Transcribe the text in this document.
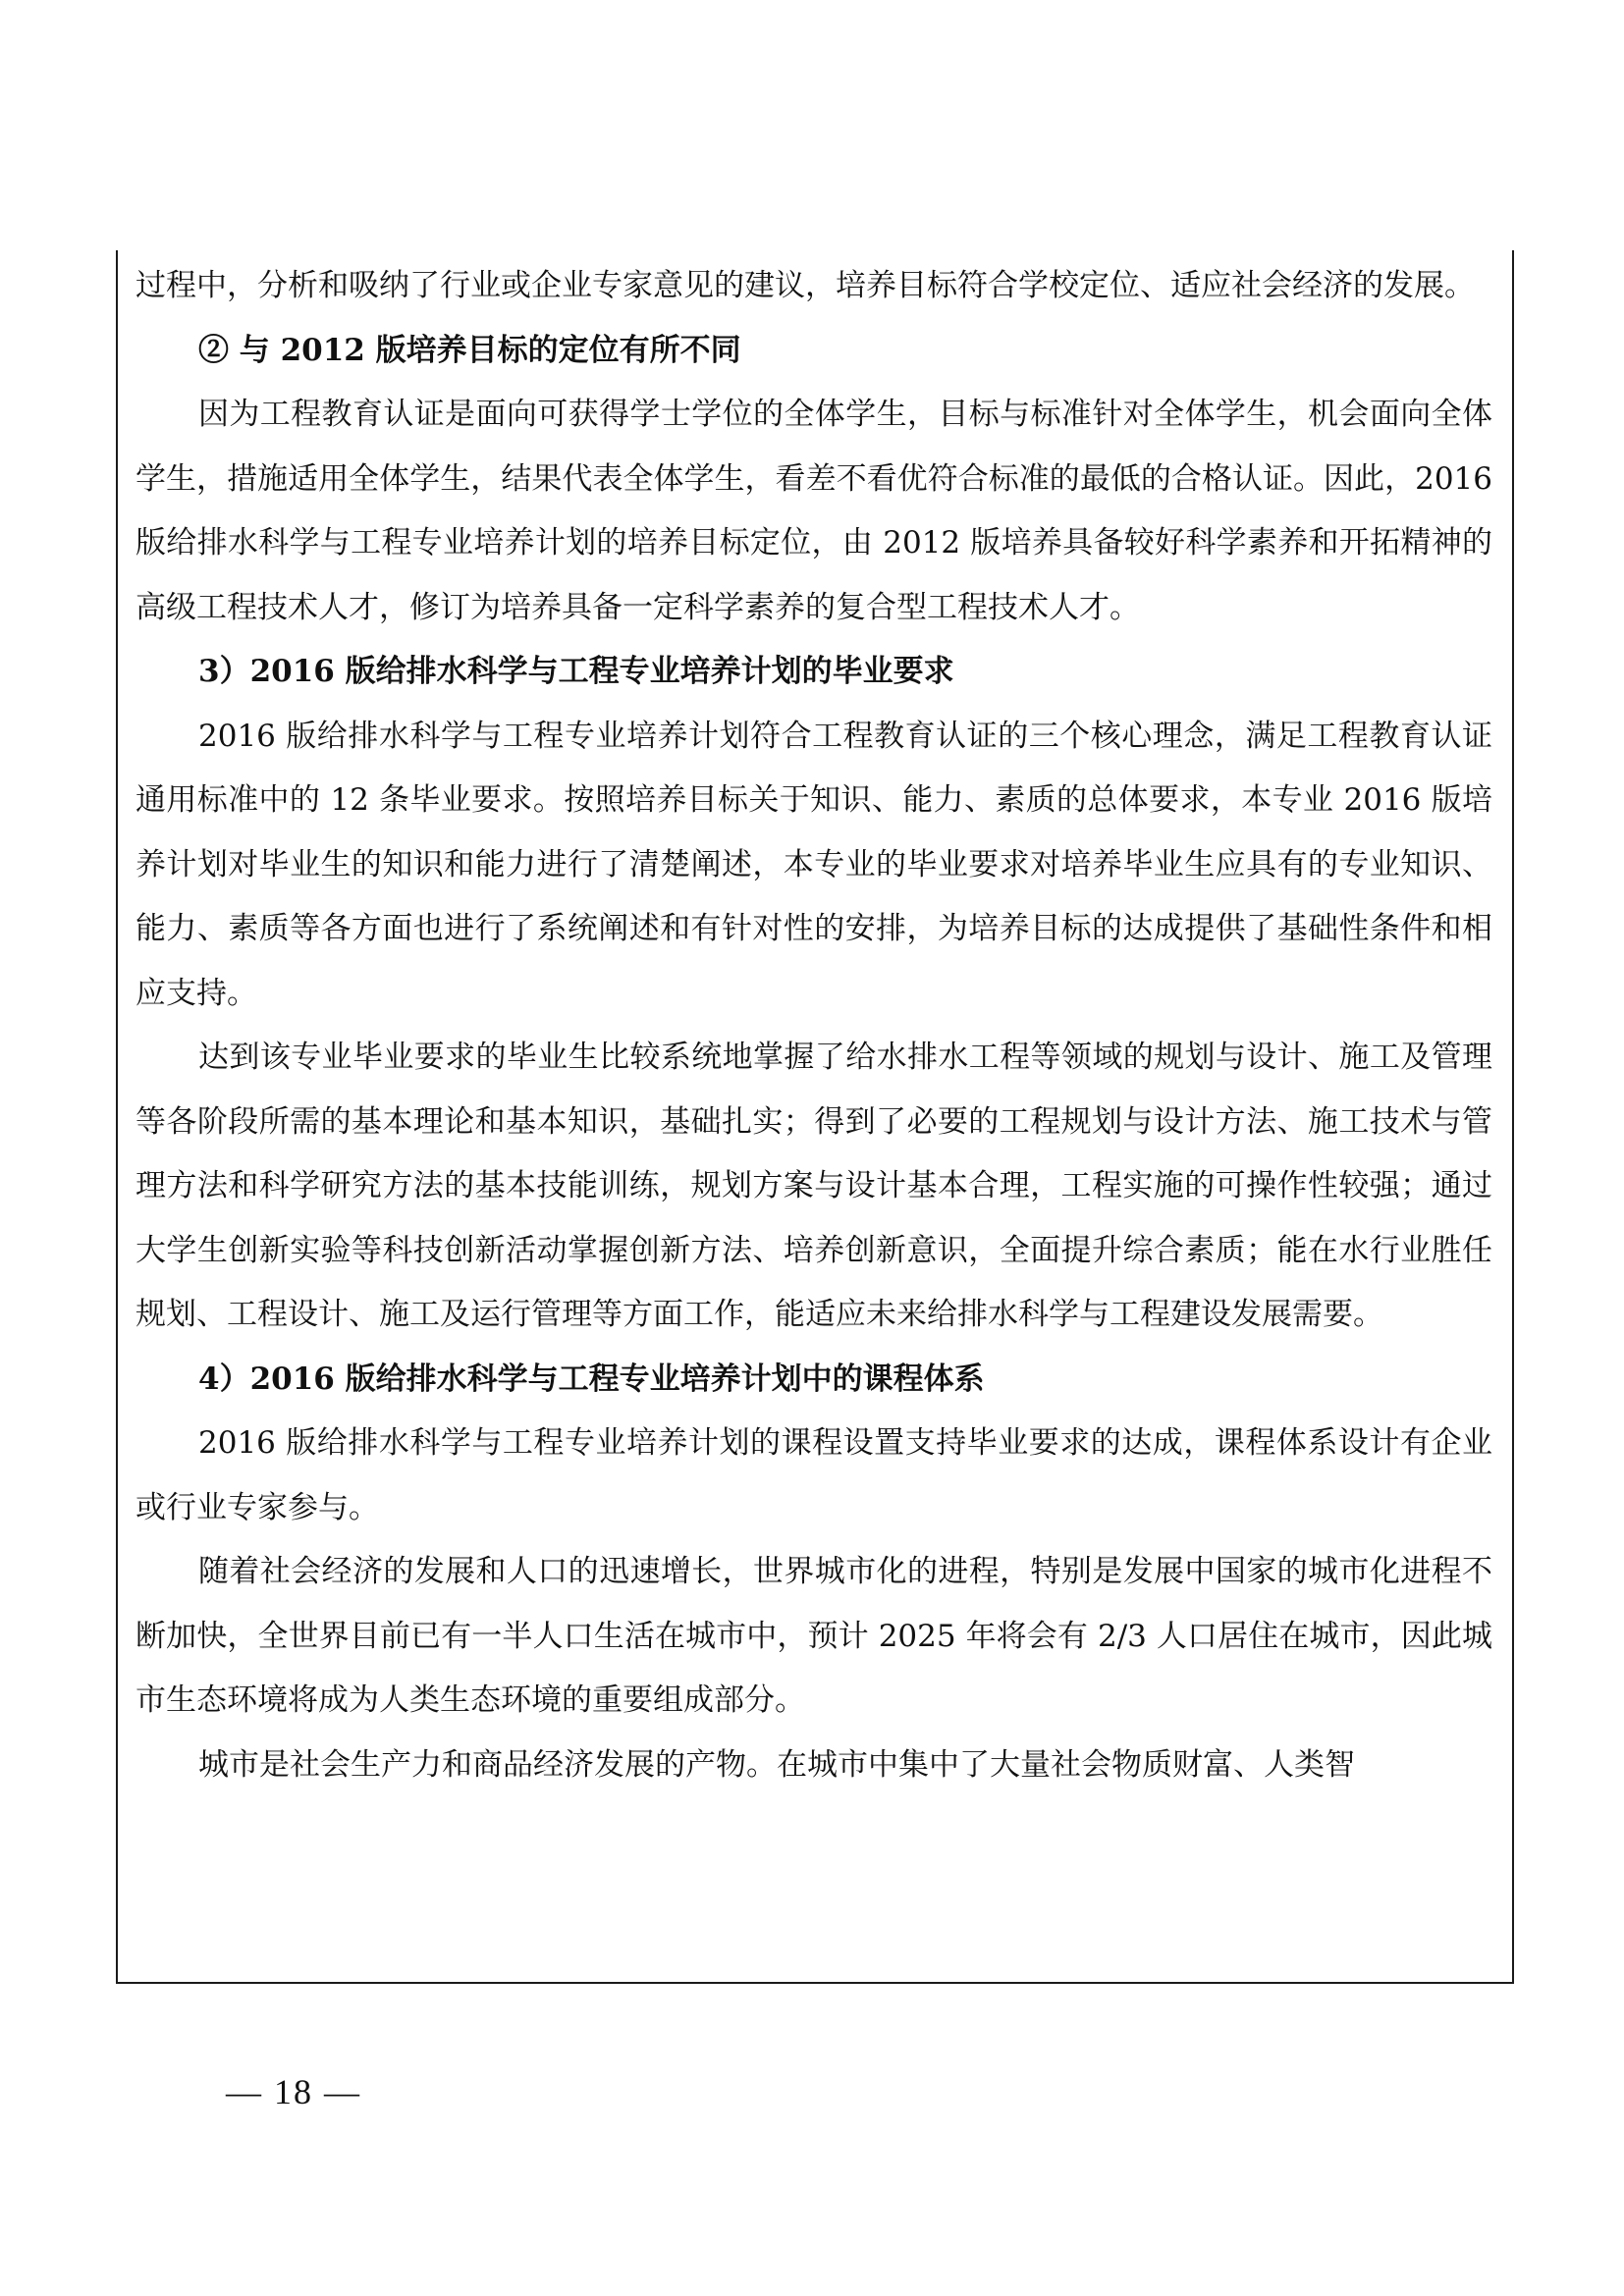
过程中，分析和吸纳了行业或企业专家意见的建议，培养目标符合学校定位、适应社会经济的发展。

② 与 2012 版培养目标的定位有所不同

因为工程教育认证是面向可获得学士学位的全体学生，目标与标准针对全体学生，机会面向全体学生，措施适用全体学生，结果代表全体学生，看差不看优符合标准的最低的合格认证。因此，2016 版给排水科学与工程专业培养计划的培养目标定位，由 2012 版培养具备较好科学素养和开拓精神的高级工程技术人才，修订为培养具备一定科学素养的复合型工程技术人才。

3）2016 版给排水科学与工程专业培养计划的毕业要求

2016 版给排水科学与工程专业培养计划符合工程教育认证的三个核心理念，满足工程教育认证通用标准中的 12 条毕业要求。按照培养目标关于知识、能力、素质的总体要求，本专业 2016 版培养计划对毕业生的知识和能力进行了清楚阐述，本专业的毕业要求对培养毕业生应具有的专业知识、能力、素质等各方面也进行了系统阐述和有针对性的安排，为培养目标的达成提供了基础性条件和相应支持。

达到该专业毕业要求的毕业生比较系统地掌握了给水排水工程等领域的规划与设计、施工及管理等各阶段所需的基本理论和基本知识，基础扎实；得到了必要的工程规划与设计方法、施工技术与管理方法和科学研究方法的基本技能训练，规划方案与设计基本合理，工程实施的可操作性较强；通过大学生创新实验等科技创新活动掌握创新方法、培养创新意识，全面提升综合素质；能在水行业胜任规划、工程设计、施工及运行管理等方面工作，能适应未来给排水科学与工程建设发展需要。

4）2016 版给排水科学与工程专业培养计划中的课程体系

2016 版给排水科学与工程专业培养计划的课程设置支持毕业要求的达成，课程体系设计有企业或行业专家参与。

随着社会经济的发展和人口的迅速增长，世界城市化的进程，特别是发展中国家的城市化进程不断加快，全世界目前已有一半人口生活在城市中，预计 2025 年将会有 2/3 人口居住在城市，因此城市生态环境将成为人类生态环境的重要组成部分。

城市是社会生产力和商品经济发展的产物。在城市中集中了大量社会物质财富、人类智

— 18 —
